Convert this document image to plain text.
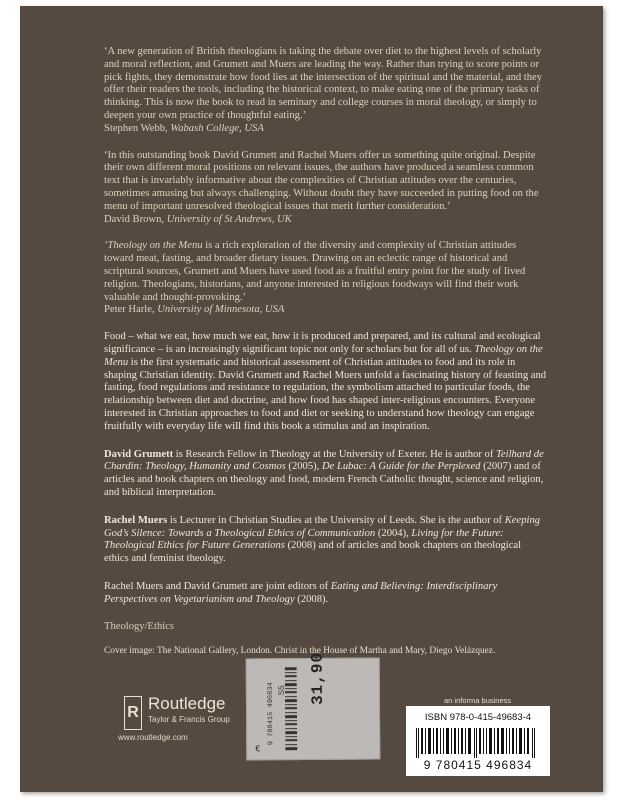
‘A new generation of British theologians is taking the debate over diet to the highest levels of scholarly and moral reflection, and Grumett and Muers are leading the way. Rather than trying to score points or pick fights, they demonstrate how food lies at the intersection of the spiritual and the material, and they offer their readers the tools, including the historical context, to make eating one of the primary tasks of thinking. This is now the book to read in seminary and college courses in moral theology, or simply to deepen your own practice of thoughtful eating.’
Stephen Webb, Wabash College, USA

‘In this outstanding book David Grumett and Rachel Muers offer us something quite original. Despite their own different moral positions on relevant issues, the authors have produced a seamless common text that is invariably informative about the complexities of Christian attitudes over the centuries, sometimes amusing but always challenging. Without doubt they have succeeded in putting food on the menu of important unresolved theological issues that merit further consideration.’
David Brown, University of St Andrews, UK

‘Theology on the Menu is a rich exploration of the diversity and complexity of Christian attitudes toward meat, fasting, and broader dietary issues. Drawing on an eclectic range of historical and scriptural sources, Grumett and Muers have used food as a fruitful entry point for the study of lived religion. Theologians, historians, and anyone interested in religious foodways will find their work valuable and thought-provoking.’
Peter Harle, University of Minnesota, USA

Food – what we eat, how much we eat, how it is produced and prepared, and its cultural and ecological significance – is an increasingly significant topic not only for scholars but for all of us. Theology on the Menu is the first systematic and historical assessment of Christian attitudes to food and its role in shaping Christian identity. David Grumett and Rachel Muers unfold a fascinating history of feasting and fasting, food regulations and resistance to regulation, the symbolism attached to particular foods, the relationship between diet and doctrine, and how food has shaped inter-religious encounters. Everyone interested in Christian approaches to food and diet or seeking to understand how theology can engage fruitfully with everyday life will find this book a stimulus and an inspiration.

David Grumett is Research Fellow in Theology at the University of Exeter. He is author of Teilhard de Chardin: Theology, Humanity and Cosmos (2005), De Lubac: A Guide for the Perplexed (2007) and of articles and book chapters on theology and food, modern French Catholic thought, science and religion, and biblical interpretation.

Rachel Muers is Lecturer in Christian Studies at the University of Leeds. She is the author of Keeping God’s Silence: Towards a Theological Ethics of Communication (2004), Living for the Future: Theological Ethics for Future Generations (2008) and of articles and book chapters on theological ethics and feminist theology.

Rachel Muers and David Grumett are joint editors of Eating and Believing: Interdisciplinary Perspectives on Vegetarianism and Theology (2008).

Theology/Ethics

Cover image: The National Gallery, London. Christ in the House of Martha and Mary, Diego Velázquez.

S5
9 780415 496834
€
31,90
R Routledge
Taylor & Francis Group
www.routledge.com
an informa business
ISBN 978-0-415-49683-4
9 780415 496834
